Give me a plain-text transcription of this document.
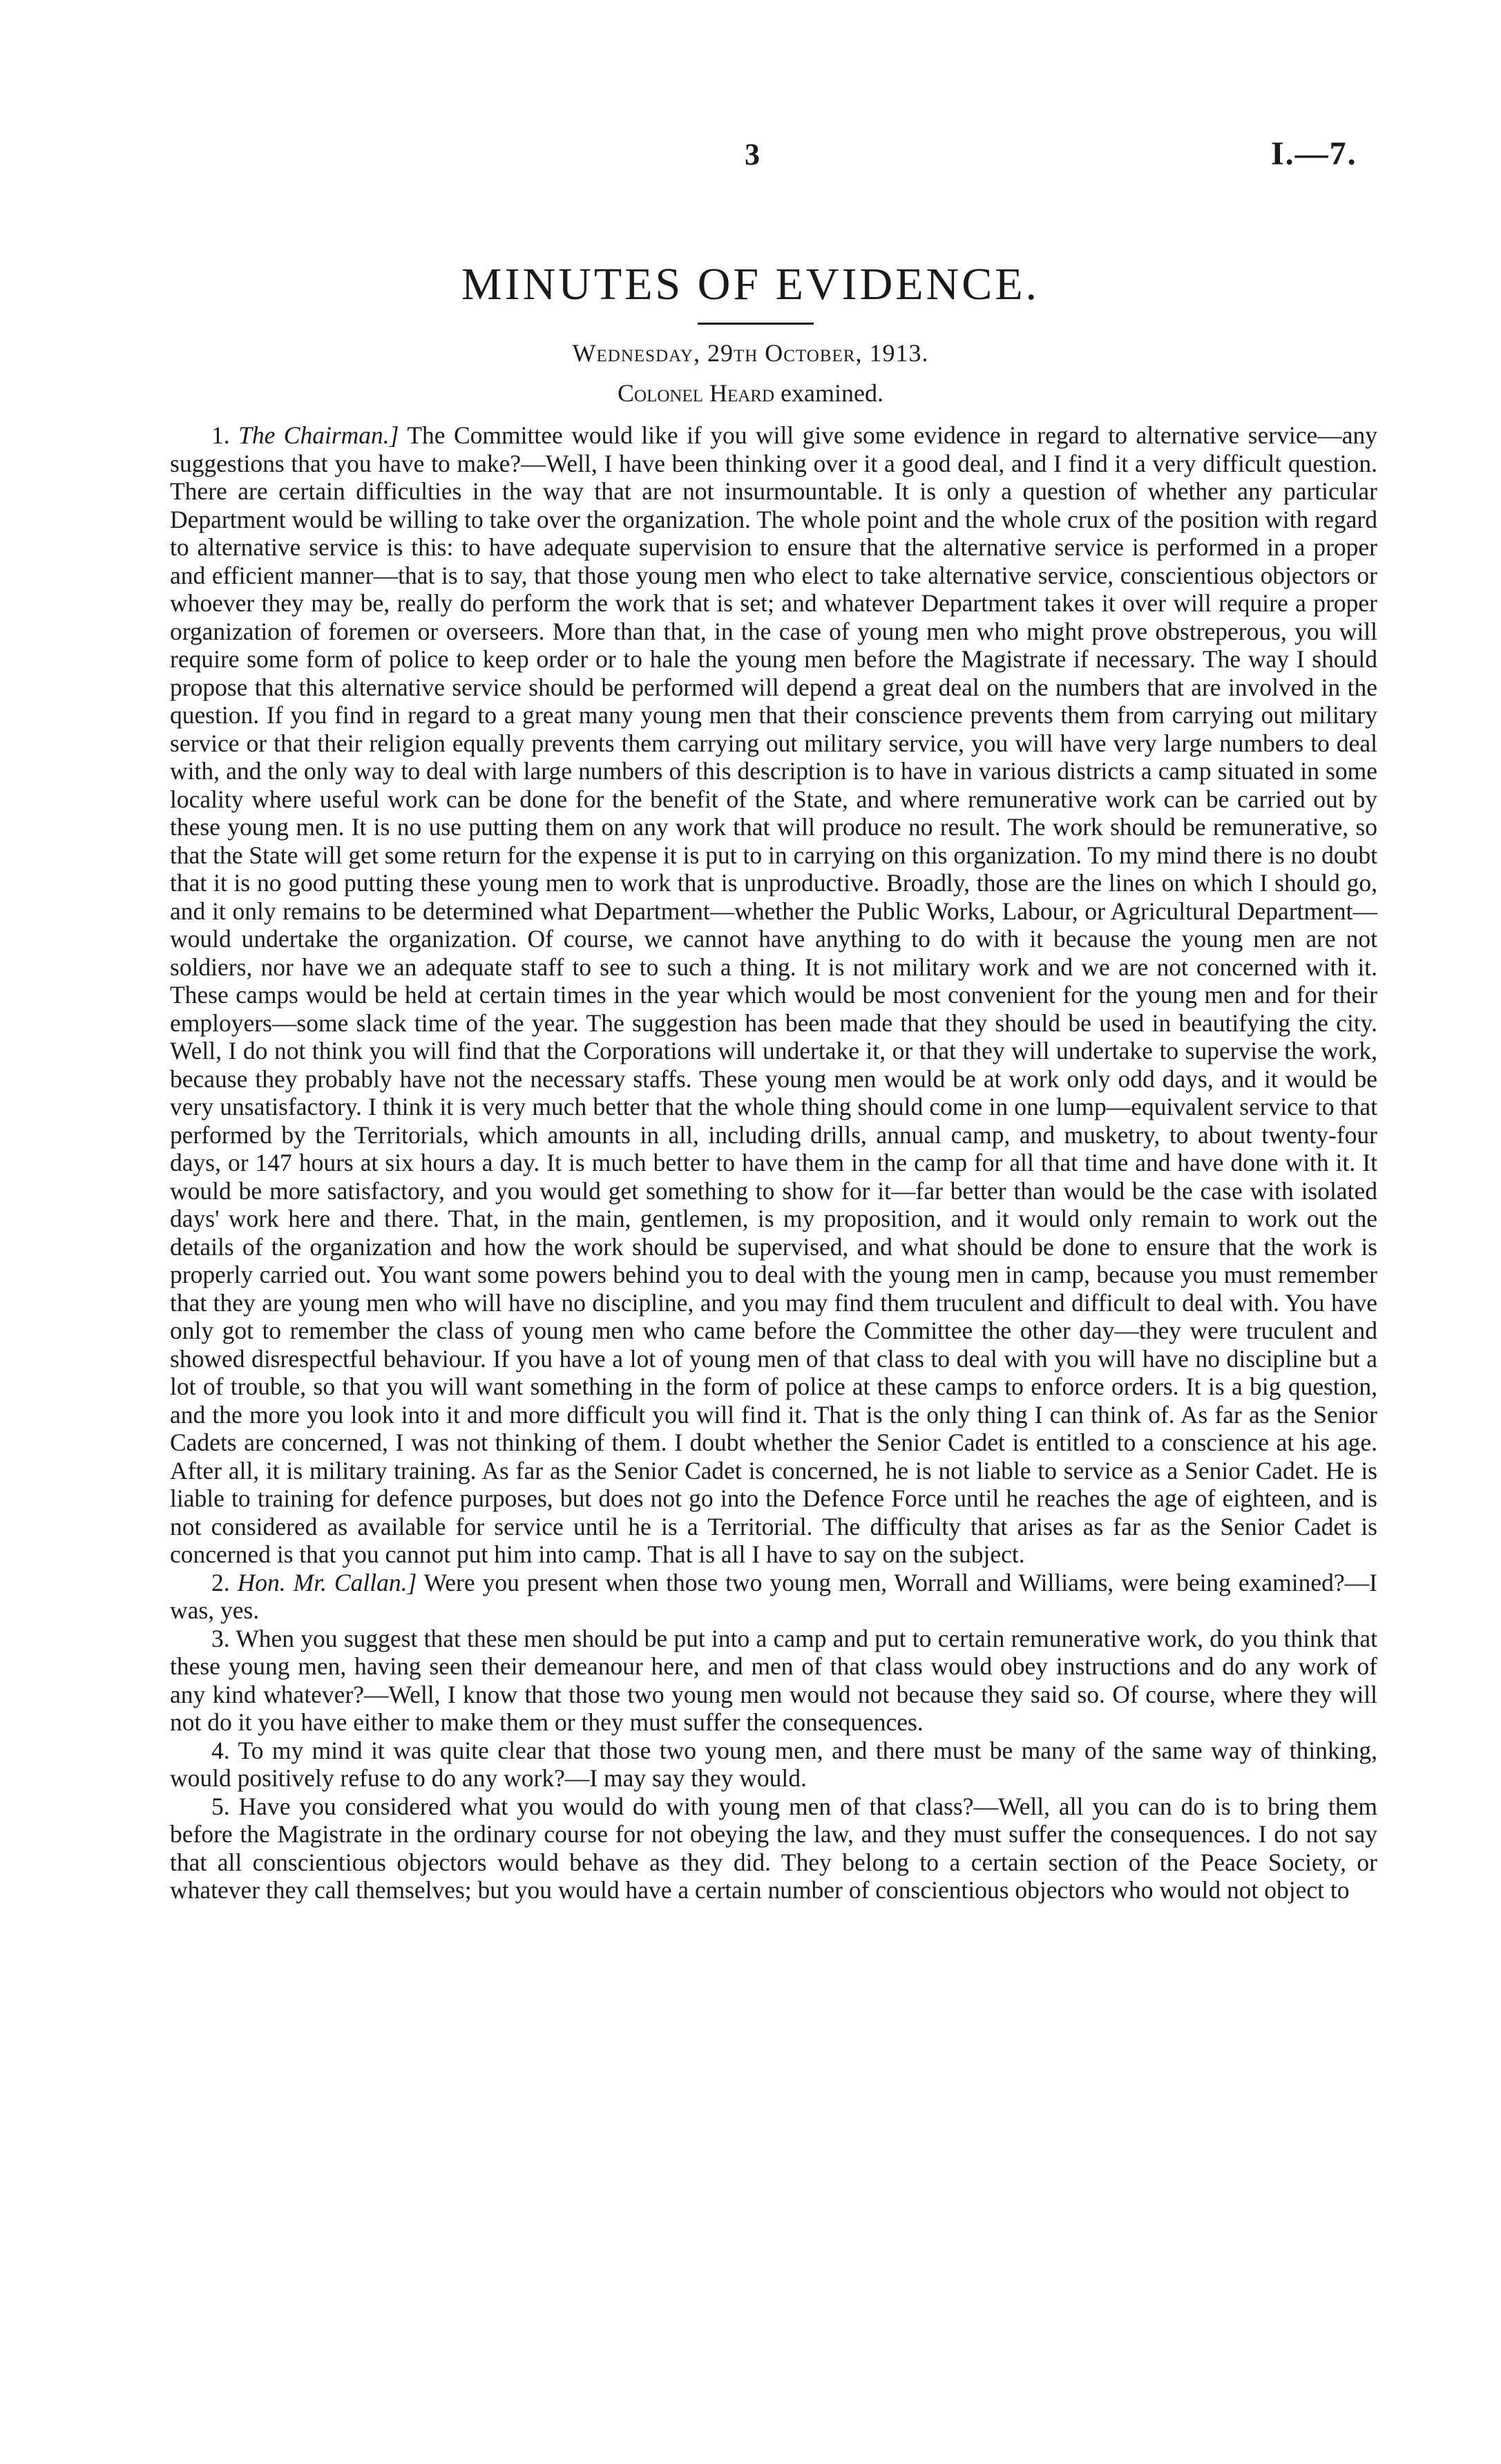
3	I.—7.
MINUTES OF EVIDENCE.
Wednesday, 29th October, 1913.
Colonel Heard examined.

1. The Chairman.] The Committee would like if you will give some evidence in regard to alternative service—any suggestions that you have to make?—Well, I have been thinking over it a good deal, and I find it a very difficult question. There are certain difficulties in the way that are not insurmountable. It is only a question of whether any particular Department would be willing to take over the organization. The whole point and the whole crux of the position with regard to alternative service is this: to have adequate supervision to ensure that the alternative service is performed in a proper and efficient manner—that is to say, that those young men who elect to take alternative service, conscientious objectors or whoever they may be, really do perform the work that is set; and whatever Department takes it over will require a proper organization of foremen or overseers. More than that, in the case of young men who might prove obstreperous, you will require some form of police to keep order or to hale the young men before the Magistrate if necessary. The way I should propose that this alternative service should be performed will depend a great deal on the numbers that are involved in the question. If you find in regard to a great many young men that their conscience prevents them from carrying out military service or that their religion equally prevents them carrying out military service, you will have very large numbers to deal with, and the only way to deal with large numbers of this description is to have in various districts a camp situated in some locality where useful work can be done for the benefit of the State, and where remunerative work can be carried out by these young men. It is no use putting them on any work that will produce no result. The work should be remunerative, so that the State will get some return for the expense it is put to in carrying on this organization. To my mind there is no doubt that it is no good putting these young men to work that is unproductive. Broadly, those are the lines on which I should go, and it only remains to be determined what Department—whether the Public Works, Labour, or Agricultural Department—would undertake the organization. Of course, we cannot have anything to do with it because the young men are not soldiers, nor have we an adequate staff to see to such a thing. It is not military work and we are not concerned with it. These camps would be held at certain times in the year which would be most convenient for the young men and for their employers—some slack time of the year. The suggestion has been made that they should be used in beautifying the city. Well, I do not think you will find that the Corporations will undertake it, or that they will undertake to supervise the work, because they probably have not the necessary staffs. These young men would be at work only odd days, and it would be very unsatisfactory. I think it is very much better that the whole thing should come in one lump—equivalent service to that performed by the Territorials, which amounts in all, including drills, annual camp, and musketry, to about twenty-four days, or 147 hours at six hours a day. It is much better to have them in the camp for all that time and have done with it. It would be more satisfactory, and you would get something to show for it—far better than would be the case with isolated days' work here and there. That, in the main, gentlemen, is my proposition, and it would only remain to work out the details of the organization and how the work should be supervised, and what should be done to ensure that the work is properly carried out. You want some powers behind you to deal with the young men in camp, because you must remember that they are young men who will have no discipline, and you may find them truculent and difficult to deal with. You have only got to remember the class of young men who came before the Committee the other day—they were truculent and showed disrespectful behaviour. If you have a lot of young men of that class to deal with you will have no discipline but a lot of trouble, so that you will want something in the form of police at these camps to enforce orders. It is a big question, and the more you look into it and more difficult you will find it. That is the only thing I can think of. As far as the Senior Cadets are concerned, I was not thinking of them. I doubt whether the Senior Cadet is entitled to a conscience at his age. After all, it is military training. As far as the Senior Cadet is concerned, he is not liable to service as a Senior Cadet. He is liable to training for defence purposes, but does not go into the Defence Force until he reaches the age of eighteen, and is not considered as available for service until he is a Territorial. The difficulty that arises as far as the Senior Cadet is concerned is that you cannot put him into camp. That is all I have to say on the subject.

2. Hon. Mr. Callan.] Were you present when those two young men, Worrall and Williams, were being examined?—I was, yes.

3. When you suggest that these men should be put into a camp and put to certain remunerative work, do you think that these young men, having seen their demeanour here, and men of that class would obey instructions and do any work of any kind whatever?—Well, I know that those two young men would not because they said so. Of course, where they will not do it you have either to make them or they must suffer the consequences.

4. To my mind it was quite clear that those two young men, and there must be many of the same way of thinking, would positively refuse to do any work?—I may say they would.

5. Have you considered what you would do with young men of that class?—Well, all you can do is to bring them before the Magistrate in the ordinary course for not obeying the law, and they must suffer the consequences. I do not say that all conscientious objectors would behave as they did. They belong to a certain section of the Peace Society, or whatever they call themselves; but you would have a certain number of conscientious objectors who would not object to
